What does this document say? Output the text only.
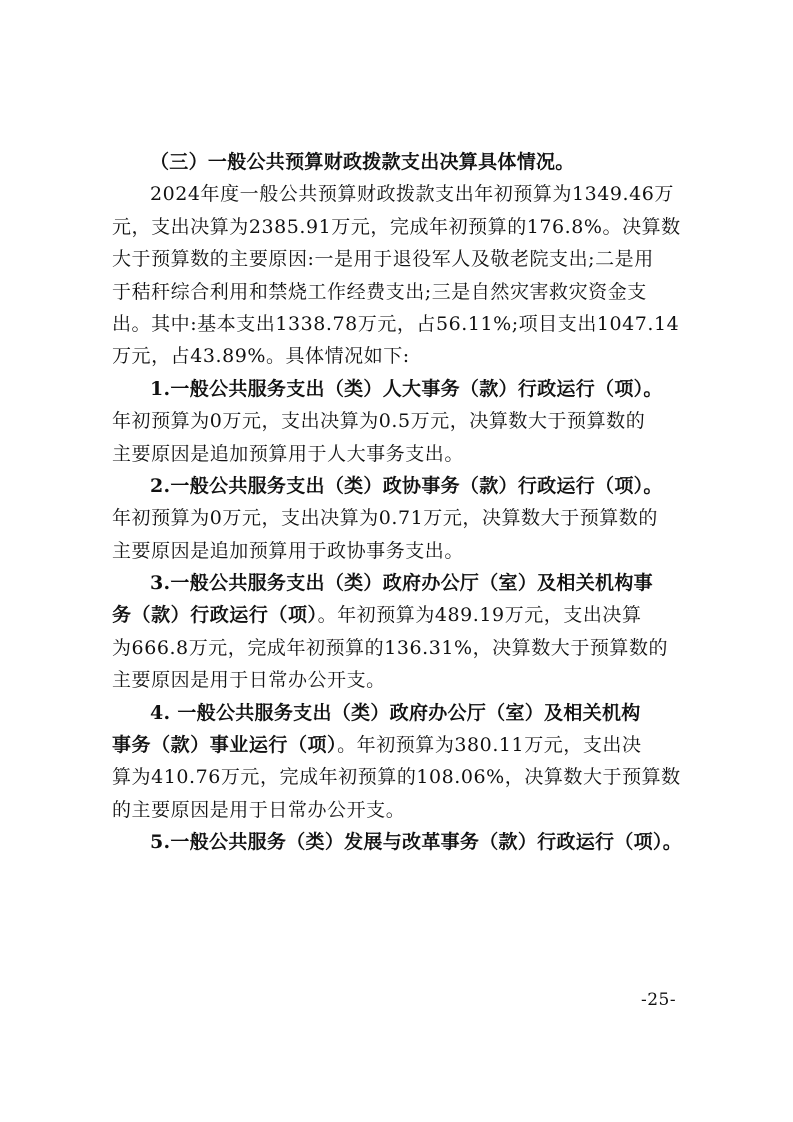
（三）一般公共预算财政拨款支出决算具体情况。
2024年度一般公共预算财政拨款支出年初预算为1349.46万
元，支出决算为2385.91万元，完成年初预算的176.8%。决算数
大于预算数的主要原因:一是用于退役军人及敬老院支出;二是用
于秸秆综合利用和禁烧工作经费支出;三是自然灾害救灾资金支
出。其中:基本支出1338.78万元，占56.11%;项目支出1047.14
万元，占43.89%。具体情况如下:
1.一般公共服务支出（类）人大事务（款）行政运行（项）。
年初预算为0万元，支出决算为0.5万元，决算数大于预算数的
主要原因是追加预算用于人大事务支出。
2.一般公共服务支出（类）政协事务（款）行政运行（项）。
年初预算为0万元，支出决算为0.71万元，决算数大于预算数的
主要原因是追加预算用于政协事务支出。
3.一般公共服务支出（类）政府办公厅（室）及相关机构事
务（款）行政运行（项）。年初预算为489.19万元，支出决算
为666.8万元，完成年初预算的136.31%，决算数大于预算数的
主要原因是用于日常办公开支。
4. 一般公共服务支出（类）政府办公厅（室）及相关机构
事务（款）事业运行（项）。年初预算为380.11万元，支出决
算为410.76万元，完成年初预算的108.06%，决算数大于预算数
的主要原因是用于日常办公开支。
5.一般公共服务（类）发展与改革事务（款）行政运行（项）。
-25-
